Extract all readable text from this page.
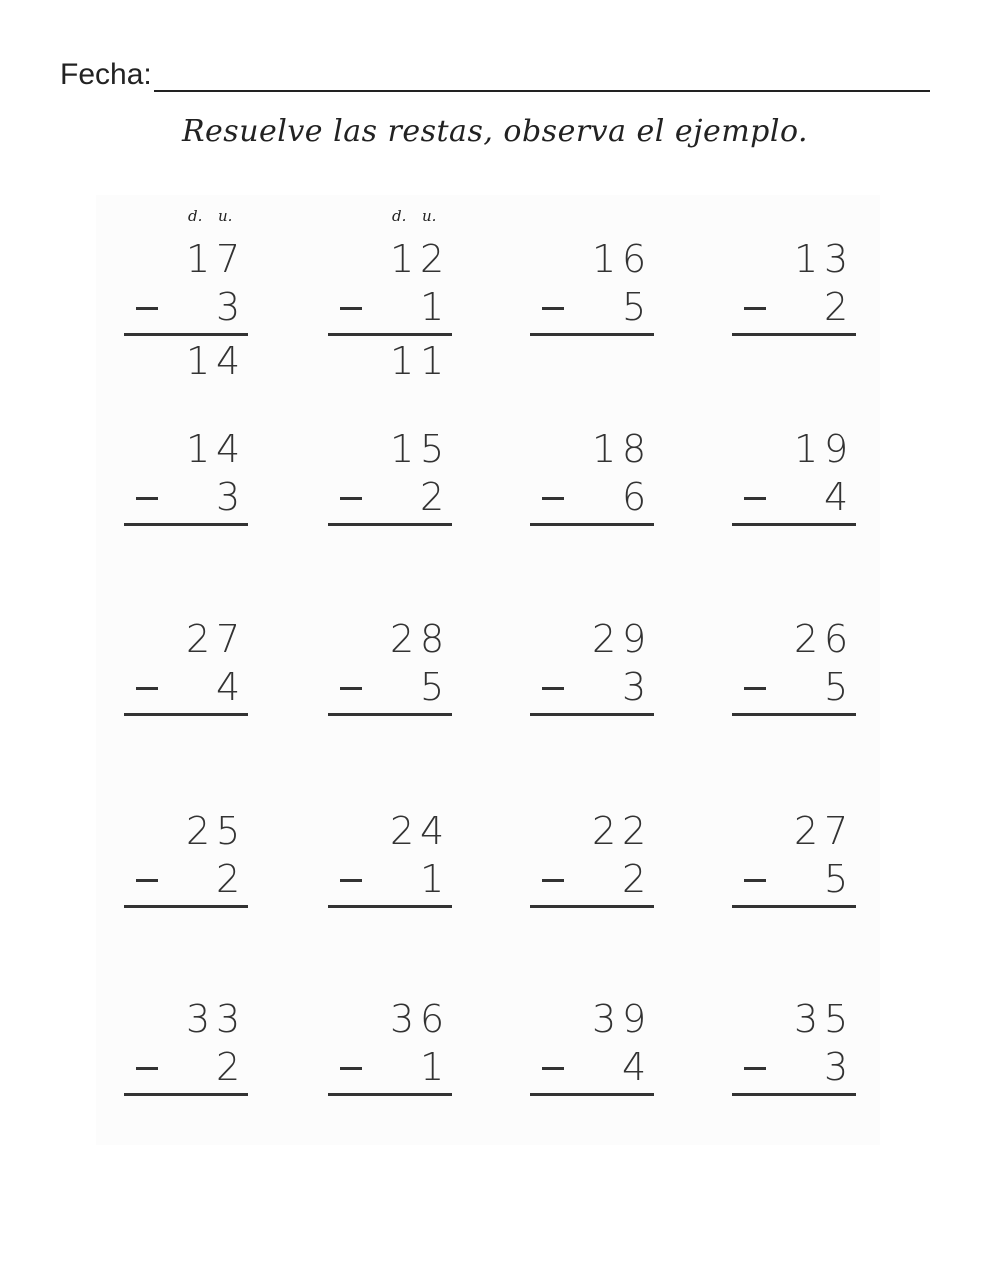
Fecha:
Resuelve las restas, observa el ejemplo.
d. u.
1 7
3
1 4
d. u.
1 2
1
1 1
1 6
5
1 3
2
1 4
3
1 5
2
1 8
6
1 9
4
2 7
4
2 8
5
2 9
3
2 6
5
2 5
2
2 4
1
2 2
2
2 7
5
3 3
2
3 6
1
3 9
4
3 5
3
